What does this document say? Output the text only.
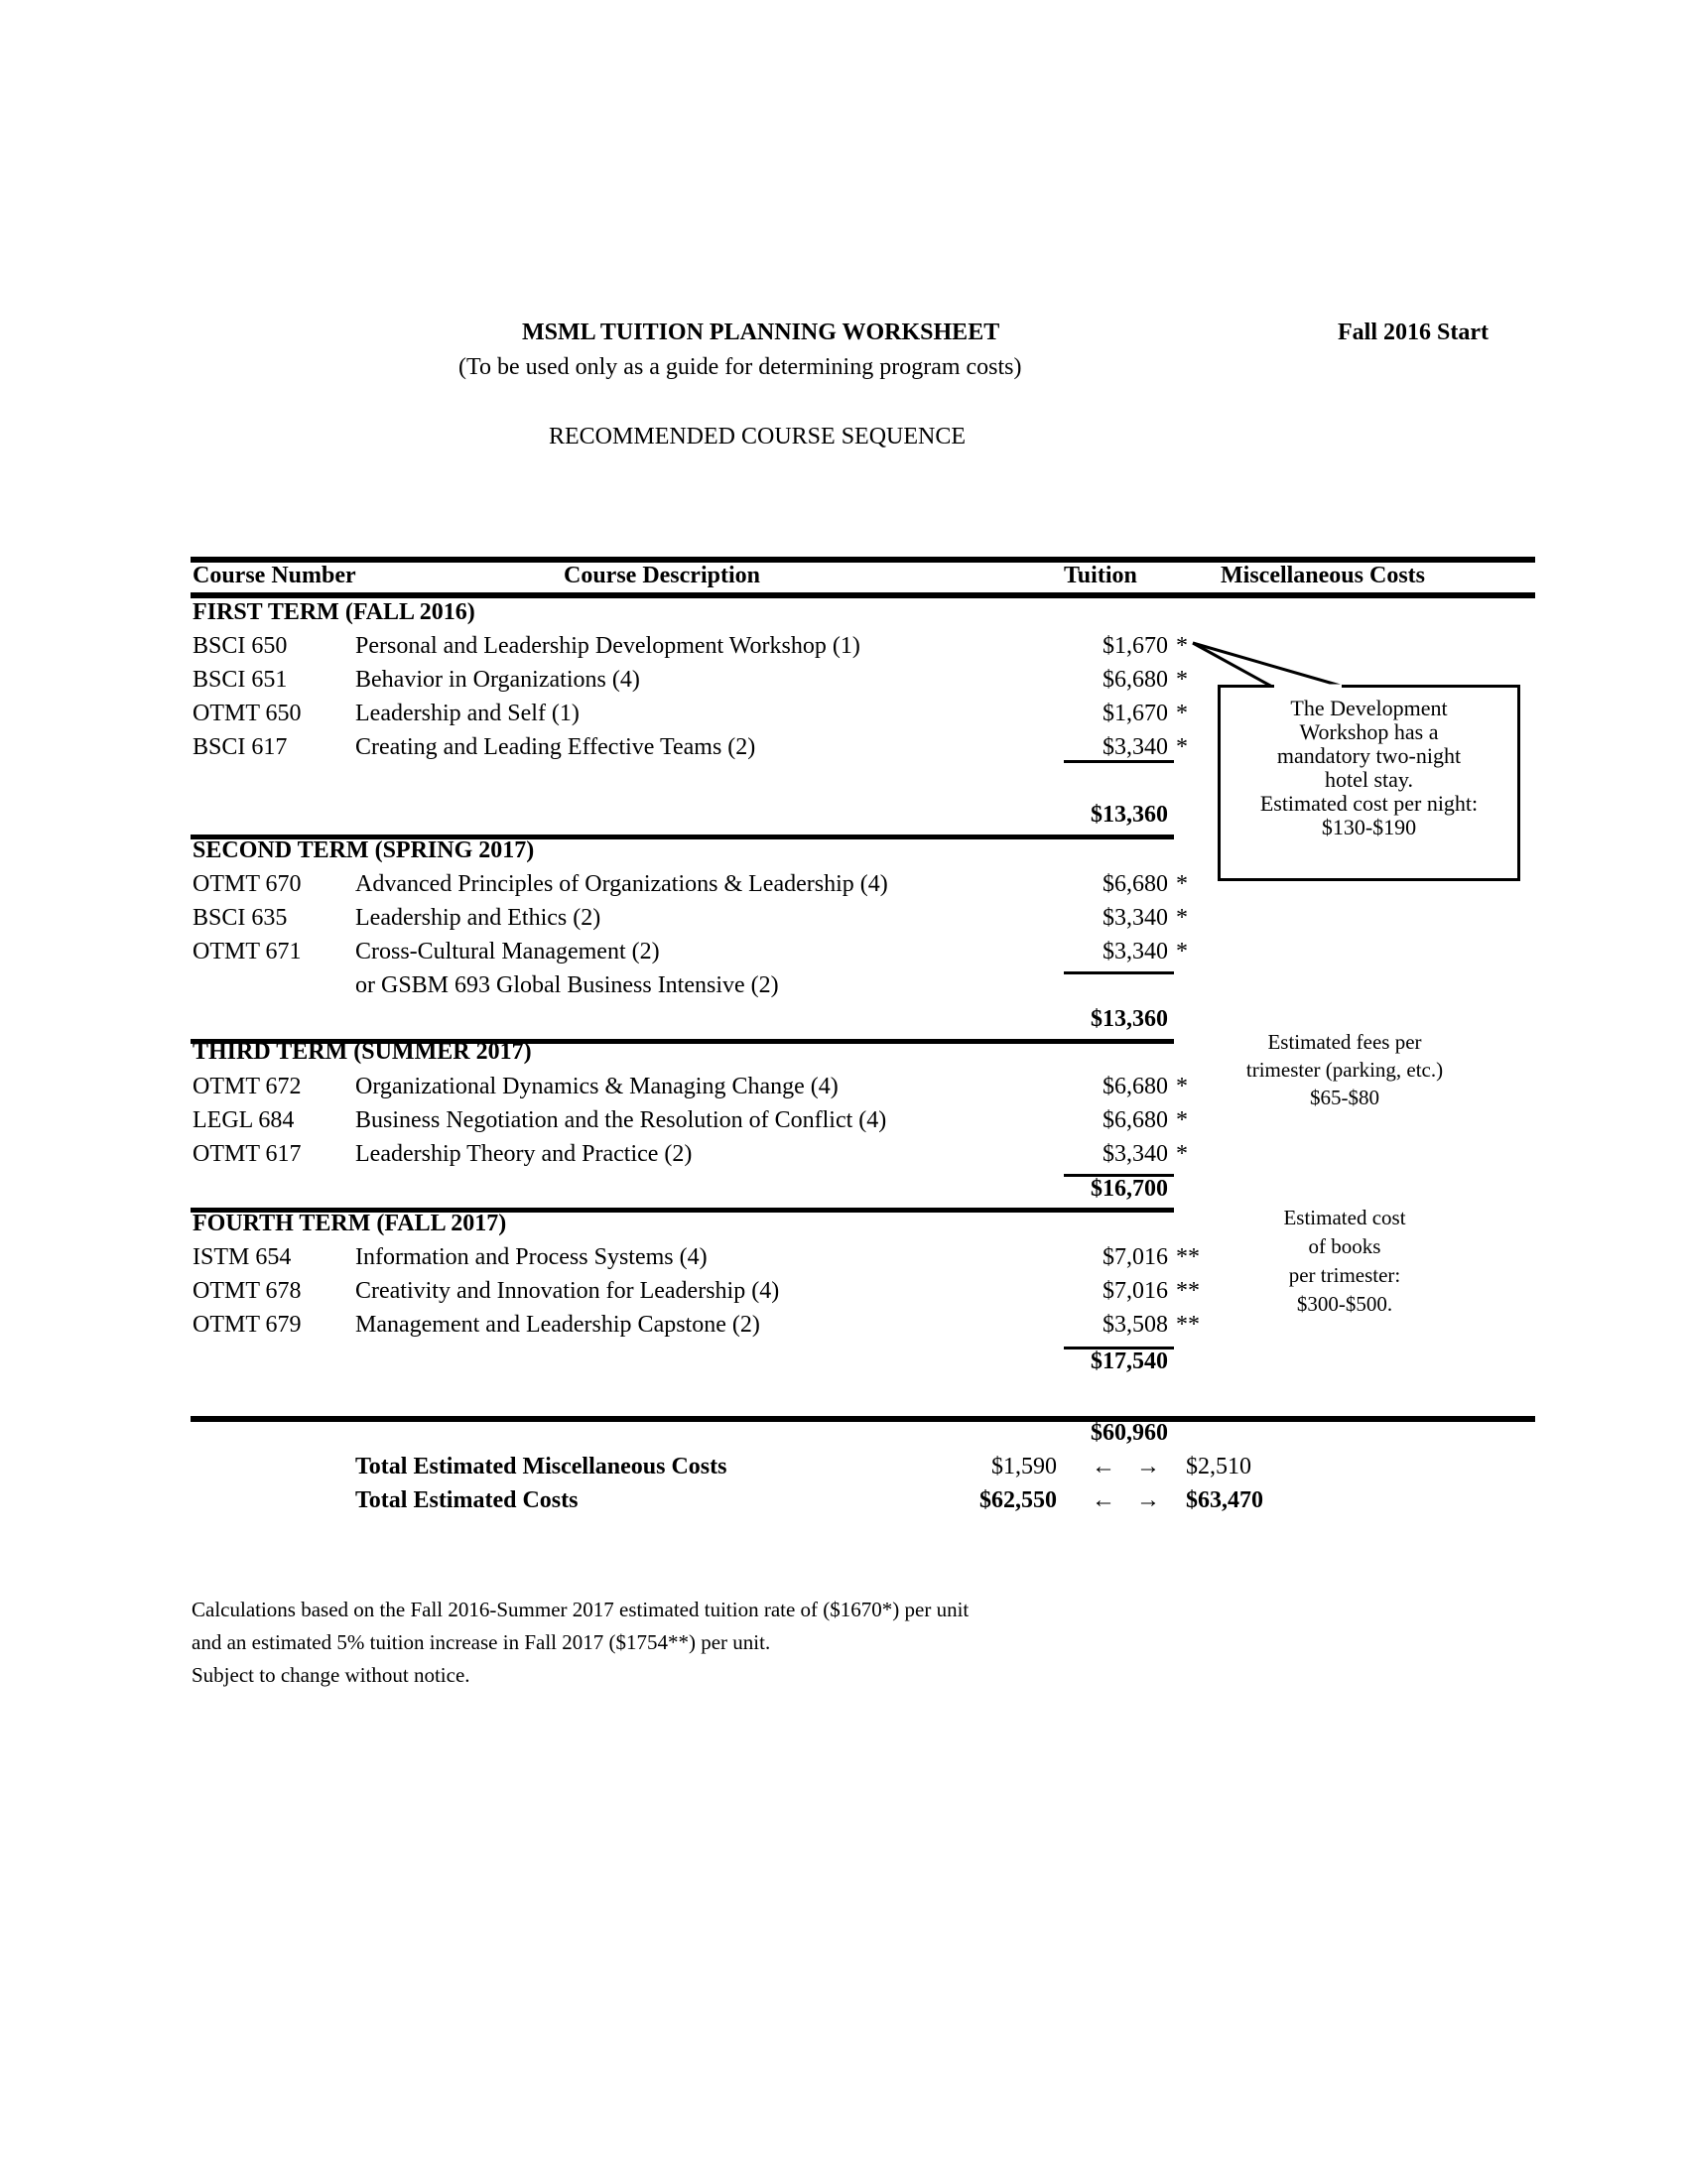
MSML TUITION PLANNING WORKSHEET	Fall 2016 Start
(To be used only as a guide for determining program costs)
RECOMMENDED COURSE SEQUENCE
Course Number	Course Description	Tuition	Miscellaneous Costs
FIRST TERM (FALL 2016)
BSCI 650	Personal and Leadership Development Workshop (1)	$1,670 *
BSCI 651	Behavior in Organizations (4)	$6,680 *
OTMT 650 Leadership and Self (1)	$1,670 *
BSCI 617	Creating and Leading Effective Teams (2)	$3,340 *
$13,360
SECOND TERM (SPRING 2017)
OTMT 670 Advanced Principles of Organizations & Leadership (4)	$6,680 *
BSCI 635	Leadership and Ethics (2)	$3,340 *
OTMT 671 Cross-Cultural Management (2)	$3,340 *
or GSBM 693 Global Business Intensive (2)
$13,360
THIRD TERM (SUMMER 2017)
OTMT 672 Organizational Dynamics & Managing Change (4)	$6,680 *
LEGL 684	Business Negotiation and the Resolution of Conflict (4)	$6,680 *
OTMT 617 Leadership Theory and Practice (2)	$3,340 *
$16,700
FOURTH TERM (FALL 2017)
ISTM 654	Information and Process Systems (4)	$7,016 **
OTMT 678 Creativity and Innovation for Leadership (4)	$7,016 **
OTMT 679 Management and Leadership Capstone (2)	$3,508 **
$17,540
$60,960
Total Estimated Miscellaneous Costs	$1,590 ← → $2,510
Total Estimated Costs	$62,550 ← → $63,470
The Development
Workshop has a
mandatory two-night
hotel stay.
Estimated cost per night:
$130-$190
Estimated fees per
trimester (parking, etc.)
$65-$80
Estimated cost
of books
per trimester:
$300-$500.
Calculations based on the Fall 2016-Summer 2017 estimated tuition rate of ($1670*) per unit
and an estimated 5% tuition increase in Fall 2017 ($1754**) per unit.
Subject to change without notice.
